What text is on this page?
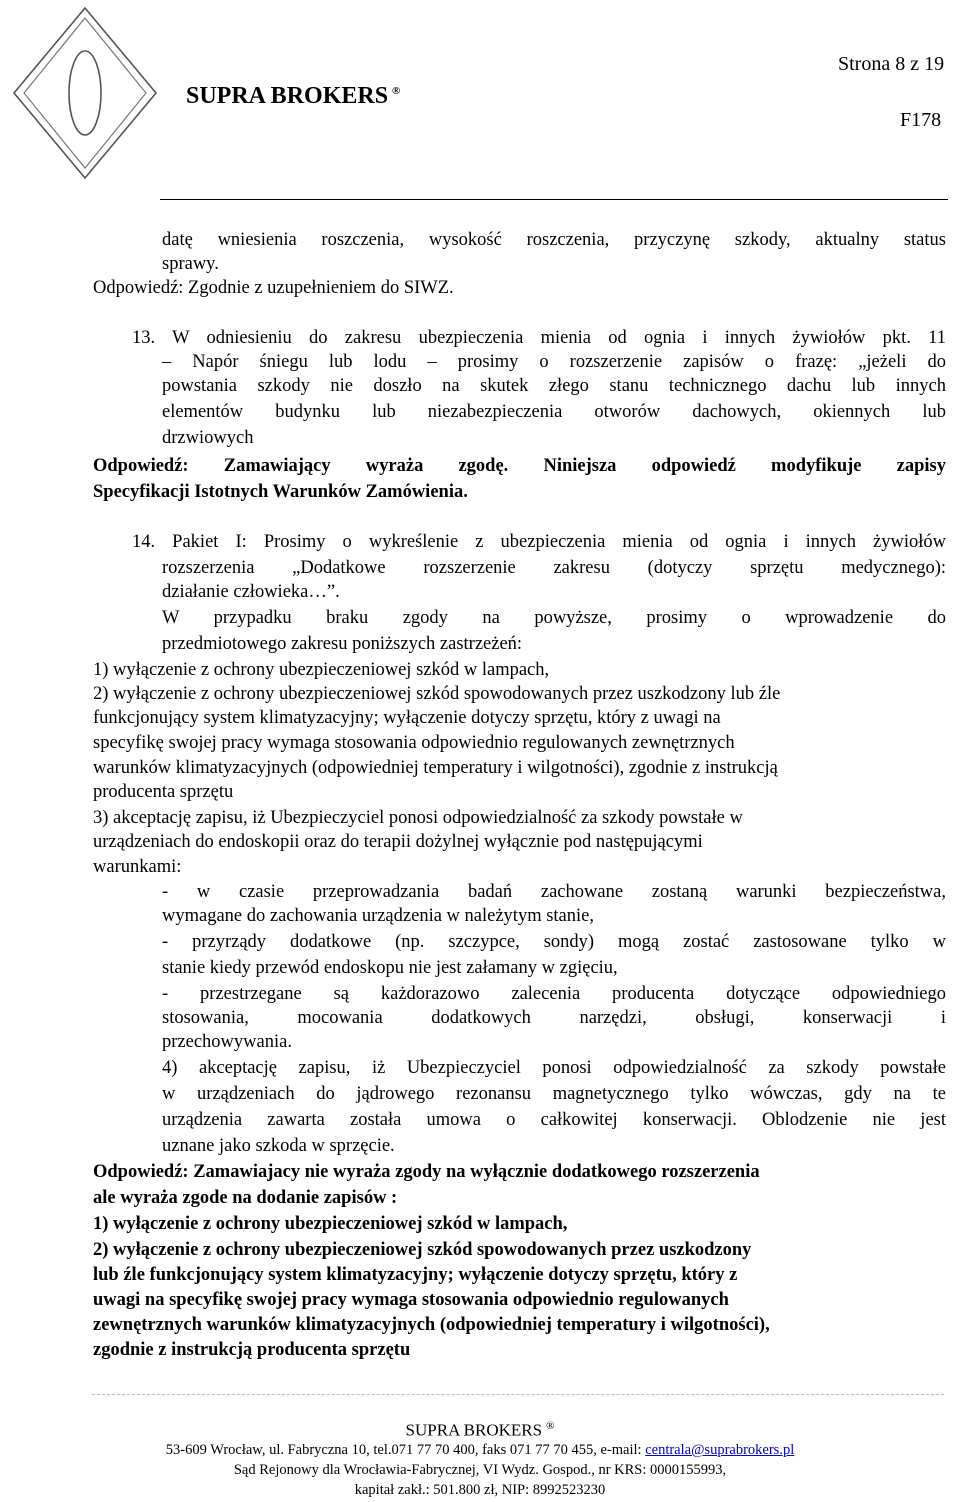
Strona 8 z 19
SUPRA BROKERS ®
F178
datę wniesienia roszczenia, wysokość roszczenia, przyczynę szkody, aktualny status
sprawy.
Odpowiedź: Zgodnie z uzupełnieniem do SIWZ.
13. W odniesieniu do zakresu ubezpieczenia mienia od ognia i innych żywiołów pkt. 11
– Napór śniegu lub lodu – prosimy o rozszerzenie zapisów o frazę: „jeżeli do
powstania szkody nie doszło na skutek złego stanu technicznego dachu lub innych
elementów budynku lub niezabezpieczenia otworów dachowych, okiennych lub
drzwiowych
Odpowiedź: Zamawiający wyraża zgodę. Niniejsza odpowiedź modyfikuje zapisy
Specyfikacji Istotnych Warunków Zamówienia.
14. Pakiet I: Prosimy o wykreślenie z ubezpieczenia mienia od ognia i innych żywiołów
rozszerzenia „Dodatkowe rozszerzenie zakresu (dotyczy sprzętu medycznego):
działanie człowieka…”.
W przypadku braku zgody na powyższe, prosimy o wprowadzenie do
przedmiotowego zakresu poniższych zastrzeżeń:
1) wyłączenie z ochrony ubezpieczeniowej szkód w lampach,
2) wyłączenie z ochrony ubezpieczeniowej szkód spowodowanych przez uszkodzony lub źle
funkcjonujący system klimatyzacyjny; wyłączenie dotyczy sprzętu, który z uwagi na
specyfikę swojej pracy wymaga stosowania odpowiednio regulowanych zewnętrznych
warunków klimatyzacyjnych (odpowiedniej temperatury i wilgotności), zgodnie z instrukcją
producenta sprzętu
3) akceptację zapisu, iż Ubezpieczyciel ponosi odpowiedzialność za szkody powstałe w
urządzeniach do endoskopii oraz do terapii dożylnej wyłącznie pod następującymi
warunkami:
- w czasie przeprowadzania badań zachowane zostaną warunki bezpieczeństwa,
wymagane do zachowania urządzenia w należytym stanie,
- przyrządy dodatkowe (np. szczypce, sondy) mogą zostać zastosowane tylko w
stanie kiedy przewód endoskopu nie jest załamany w zgięciu,
- przestrzegane są każdorazowo zalecenia producenta dotyczące odpowiedniego
stosowania, mocowania dodatkowych narzędzi, obsługi, konserwacji i
przechowywania.
4) akceptację zapisu, iż Ubezpieczyciel ponosi odpowiedzialność za szkody powstałe
w urządzeniach do jądrowego rezonansu magnetycznego tylko wówczas, gdy na te
urządzenia zawarta została umowa o całkowitej konserwacji. Oblodzenie nie jest
uznane jako szkoda w sprzęcie.
Odpowiedź: Zamawiajacy nie wyraża zgody na wyłącznie dodatkowego rozszerzenia
ale wyraża zgode na dodanie zapisów :
1) wyłączenie z ochrony ubezpieczeniowej szkód w lampach,
2) wyłączenie z ochrony ubezpieczeniowej szkód spowodowanych przez uszkodzony
lub źle funkcjonujący system klimatyzacyjny; wyłączenie dotyczy sprzętu, który z
uwagi na specyfikę swojej pracy wymaga stosowania odpowiednio regulowanych
zewnętrznych warunków klimatyzacyjnych (odpowiedniej temperatury i wilgotności),
zgodnie z instrukcją producenta sprzętu
SUPRA BROKERS ®
53-609 Wrocław, ul. Fabryczna 10, tel.071 77 70 400, faks 071 77 70 455, e-mail: centrala@suprabrokers.pl
Sąd Rejonowy dla Wrocławia-Fabrycznej, VI Wydz. Gospod., nr KRS: 0000155993,
kapitał zakł.: 501.800 zł, NIP: 8992523230
